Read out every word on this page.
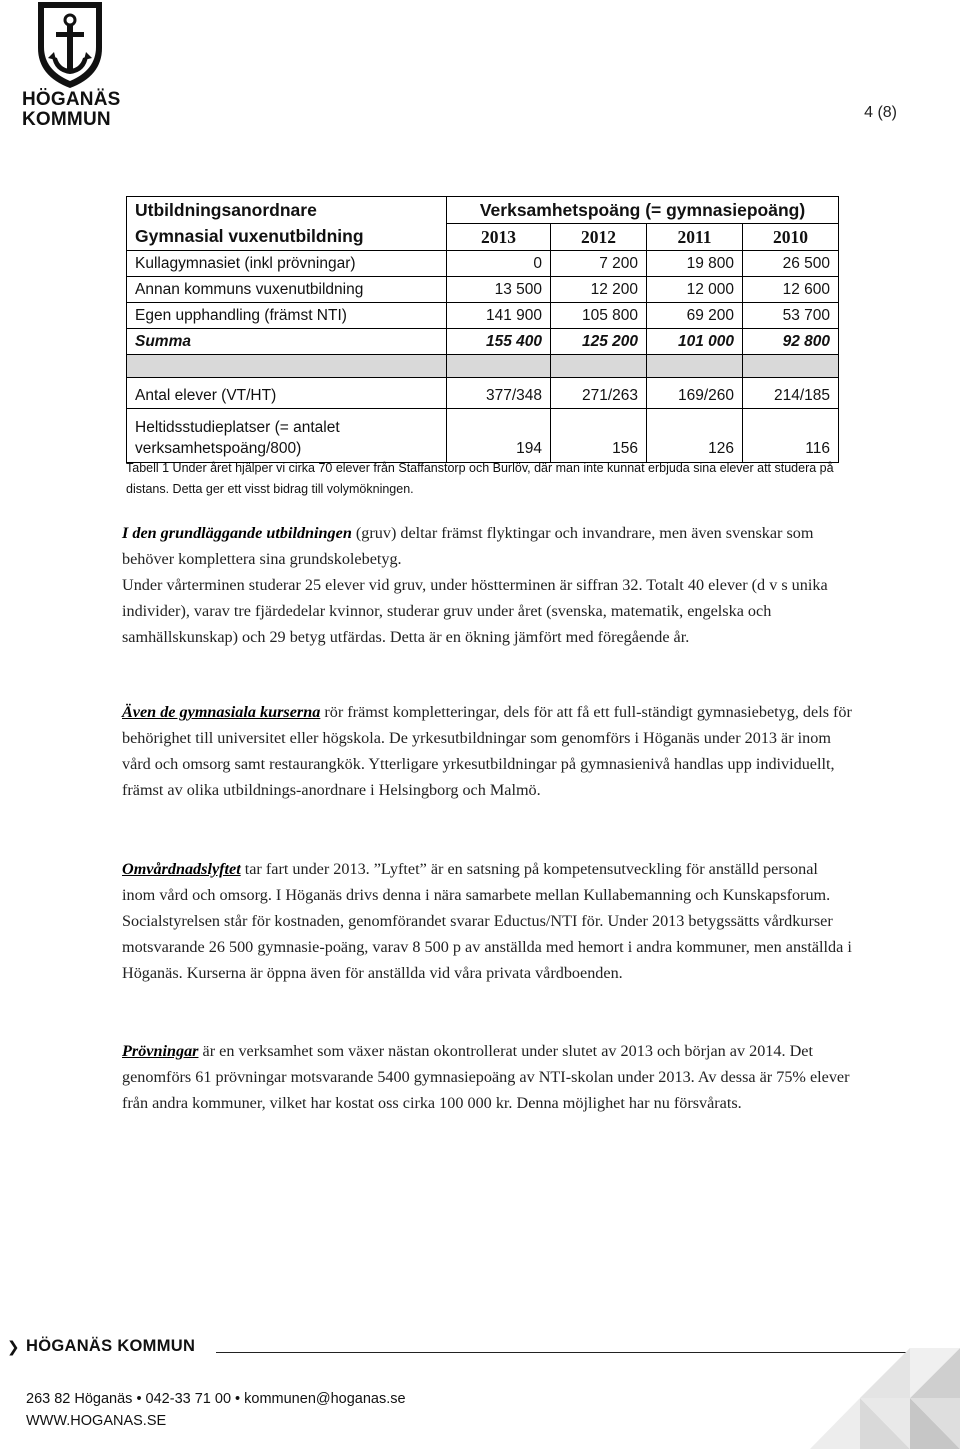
HÖGANÄS
KOMMUN	4 (8)
Utbildningsanordnare	Verksamhetspoäng (= gymnasiepoäng)			
Gymnasial vuxenutbildning	2013	2012	2011	2010
Kullagymnasiet (inkl prövningar)	0	7 200	19 800	26 500
Annan kommuns vuxenutbildning	13 500	12 200	12 000	12 600
Egen upphandling (främst NTI)	141 900	105 800	69 200	53 700
Summa	155 400	125 200	101 000	92 800

Antal elever (VT/HT)	377/348	271/263	169/260	214/185
Heltidsstudieplatser (= antalet verksamhetspoäng/800)	194	156	126	116
Tabell 1 Under året hjälper vi cirka 70 elever från Staffanstorp och Burlöv, där man inte kunnat erbjuda sina elever att studera på distans. Detta ger ett visst bidrag till volymökningen.

I den grundläggande utbildningen (gruv) deltar främst flyktingar och invandrare, men även svenskar som behöver komplettera sina grundskolebetyg.

Under vårterminen studerar 25 elever vid gruv, under höstterminen är siffran 32. Totalt 40 elever (d v s unika individer), varav tre fjärdedelar kvinnor, studerar gruv under året (svenska, matematik, engelska och samhällskunskap) och 29 betyg utfärdas. Detta är en ökning jämfört med föregående år.

Även de gymnasiala kurserna rör främst kompletteringar, dels för att få ett full-ständigt gymnasiebetyg, dels för behörighet till universitet eller högskola. De yrkesutbildningar som genomförs i Höganäs under 2013 är inom vård och omsorg samt restaurangkök. Ytterligare yrkesutbildningar på gymnasienivå handlas upp individuellt, främst av olika utbildnings-anordnare i Helsingborg och Malmö.

Omvårdnadslyftet tar fart under 2013. ”Lyftet” är en satsning på kompetensutveckling för anställd personal inom vård och omsorg. I Höganäs drivs denna i nära samarbete mellan Kullabemanning och Kunskapsforum. Socialstyrelsen står för kostnaden, genomförandet svarar Eductus/NTI för. Under 2013 betygssätts vårdkurser motsvarande 26 500 gymnasie-poäng, varav 8 500 p av anställda med hemort i andra kommuner, men anställda i Höganäs. Kurserna är öppna även för anställda vid våra privata vårdboenden.

Prövningar är en verksamhet som växer nästan okontrollerat under slutet av 2013 och början av 2014. Det genomförs 61 prövningar motsvarande 5400 gymnasiepoäng av NTI-skolan under 2013. Av dessa är 75% elever från andra kommuner, vilket har kostat oss cirka 100 000 kr. Denna möjlighet har nu försvårats.

❯ HÖGANÄS KOMMUN
263 82 Höganäs • 042-33 71 00 • kommunen@hoganas.se
WWW.HOGANAS.SE
